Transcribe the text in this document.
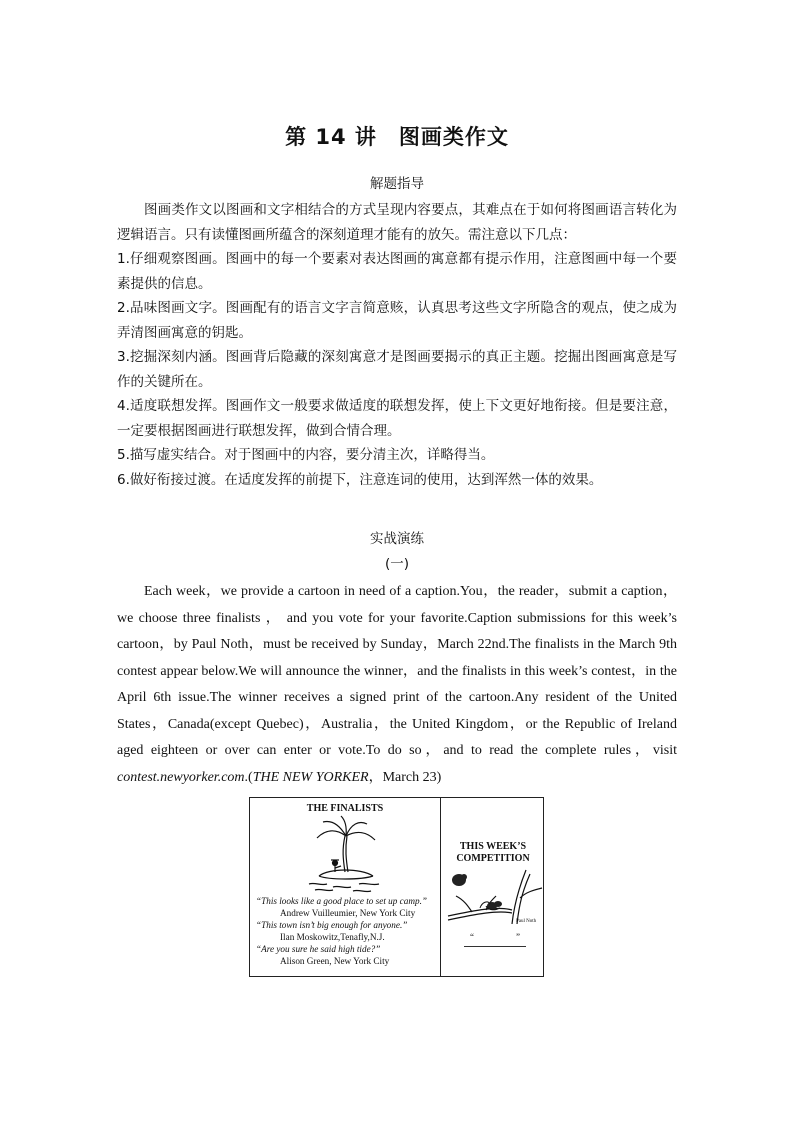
第 14 讲　图画类作文
解题指导

图画类作文以图画和文字相结合的方式呈现内容要点，其难点在于如何将图画语言转化为逻辑语言。只有读懂图画所蕴含的深刻道理才能有的放矢。需注意以下几点：

1.仔细观察图画。图画中的每一个要素对表达图画的寓意都有提示作用，注意图画中每一个要素提供的信息。

2.品味图画文字。图画配有的语言文字言简意赅，认真思考这些文字所隐含的观点，使之成为弄清图画寓意的钥匙。

3.挖掘深刻内涵。图画背后隐藏的深刻寓意才是图画要揭示的真正主题。挖掘出图画寓意是写作的关键所在。

4.适度联想发挥。图画作文一般要求做适度的联想发挥，使上下文更好地衔接。但是要注意，一定要根据图画进行联想发挥，做到合情合理。

5.描写虚实结合。对于图画中的内容，要分清主次，详略得当。

6.做好衔接过渡。在适度发挥的前提下，注意连词的使用，达到浑然一体的效果。

实战演练
(一)

Each week，we provide a cartoon in need of a caption.You，the reader，submit a caption，we choose three finalists ， and you vote for your favorite.Caption submissions for this week’s cartoon，by Paul Noth，must be received by Sunday，March 22nd.The finalists in the March 9th contest appear below.We will announce the winner，and the finalists in this week’s contest，in the April 6th issue.The winner receives a signed print of the cartoon.Any resident of the United States，Canada(except Quebec)，Australia，the United Kingdom，or the Republic of Ireland aged eighteen or over can enter or vote.To do so，and to read the complete rules，visit contest.newyorker.com.(THE NEW YORKER，March 23)

THE FINALISTS
“This looks like a good place to set up camp.”
Andrew Vuilleumier, New York City
“This town isn’t big enough for anyone.”
Ilan Moskowitz,Tenafly,N.J.
“Are you sure he said high tide?”
Alison Green, New York City
THIS WEEK’S
COMPETITION
Paul Noth
“	”
